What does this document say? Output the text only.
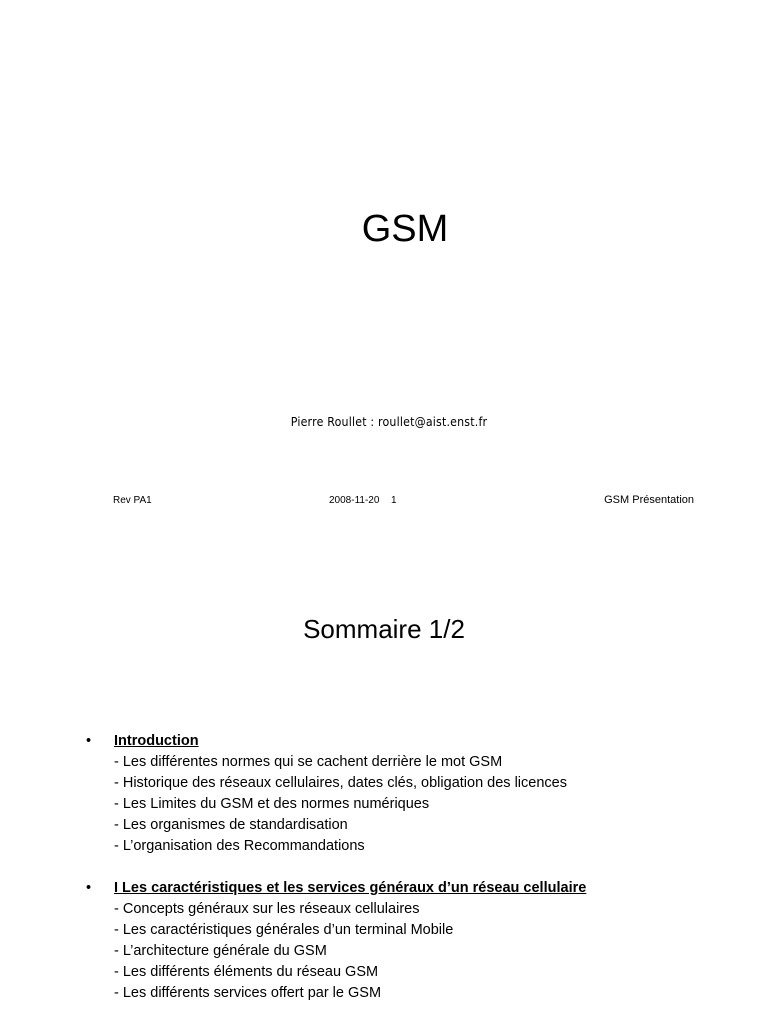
GSM
Pierre Roullet : roullet@aist.enst.fr
Rev PA1	2008-11-20 1	GSM Présentation
Sommaire 1/2
•	Introduction
- Les différentes normes qui se cachent derrière le mot GSM
- Historique des réseaux cellulaires, dates clés, obligation des licences
- Les Limites du GSM et des normes numériques
- Les organismes de standardisation
- L’organisation des Recommandations
•	I Les caractéristiques et les services généraux d’un réseau cellulaire
- Concepts généraux sur les réseaux cellulaires
- Les caractéristiques générales d’un terminal Mobile
- L’architecture générale du GSM
- Les différents éléments du réseau GSM
- Les différents services offert par le GSM
